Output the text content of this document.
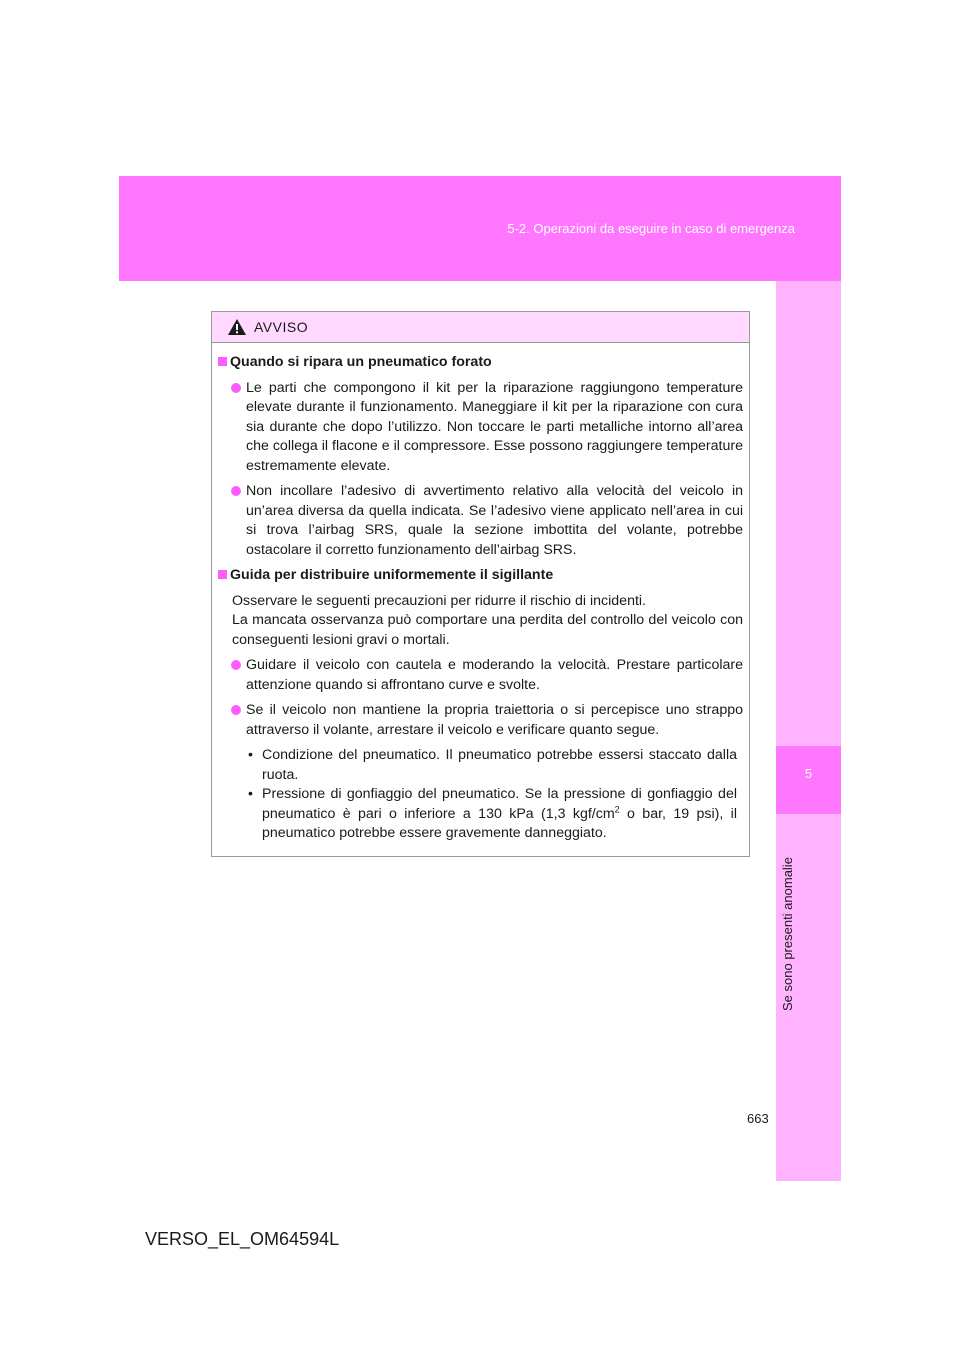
5-2. Operazioni da eseguire in caso di emergenza
5
Se sono presenti anomalie
AVVISO
Quando si ripara un pneumatico forato
Le parti che compongono il kit per la riparazione raggiungono temperature elevate durante il funzionamento. Maneggiare il kit per la riparazione con cura sia durante che dopo l’utilizzo. Non toccare le parti metalliche intorno all’area che collega il flacone e il compressore. Esse possono raggiungere temperature estremamente elevate.
Non incollare l’adesivo di avvertimento relativo alla velocità del veicolo in un’area diversa da quella indicata. Se l’adesivo viene applicato nell’area in cui si trova l’airbag SRS, quale la sezione imbottita del volante, potrebbe ostacolare il corretto funzionamento dell’airbag SRS.
Guida per distribuire uniformemente il sigillante

Osservare le seguenti precauzioni per ridurre il rischio di incidenti.

La mancata osservanza può comportare una perdita del controllo del veicolo con conseguenti lesioni gravi o mortali.

Guidare il veicolo con cautela e moderando la velocità. Prestare particolare attenzione quando si affrontano curve e svolte.
Se il veicolo non mantiene la propria traiettoria o si percepisce uno strappo attraverso il volante, arrestare il veicolo e verificare quanto segue.
• Condizione del pneumatico. Il pneumatico potrebbe essersi staccato dalla ruota.
• Pressione di gonfiaggio del pneumatico. Se la pressione di gonfiaggio del pneumatico è pari o inferiore a 130 kPa (1,3 kgf/$cm^2$ o bar, 19 psi), il pneumatico potrebbe essere gravemente danneggiato.
663
VERSO_EL_OM64594L
